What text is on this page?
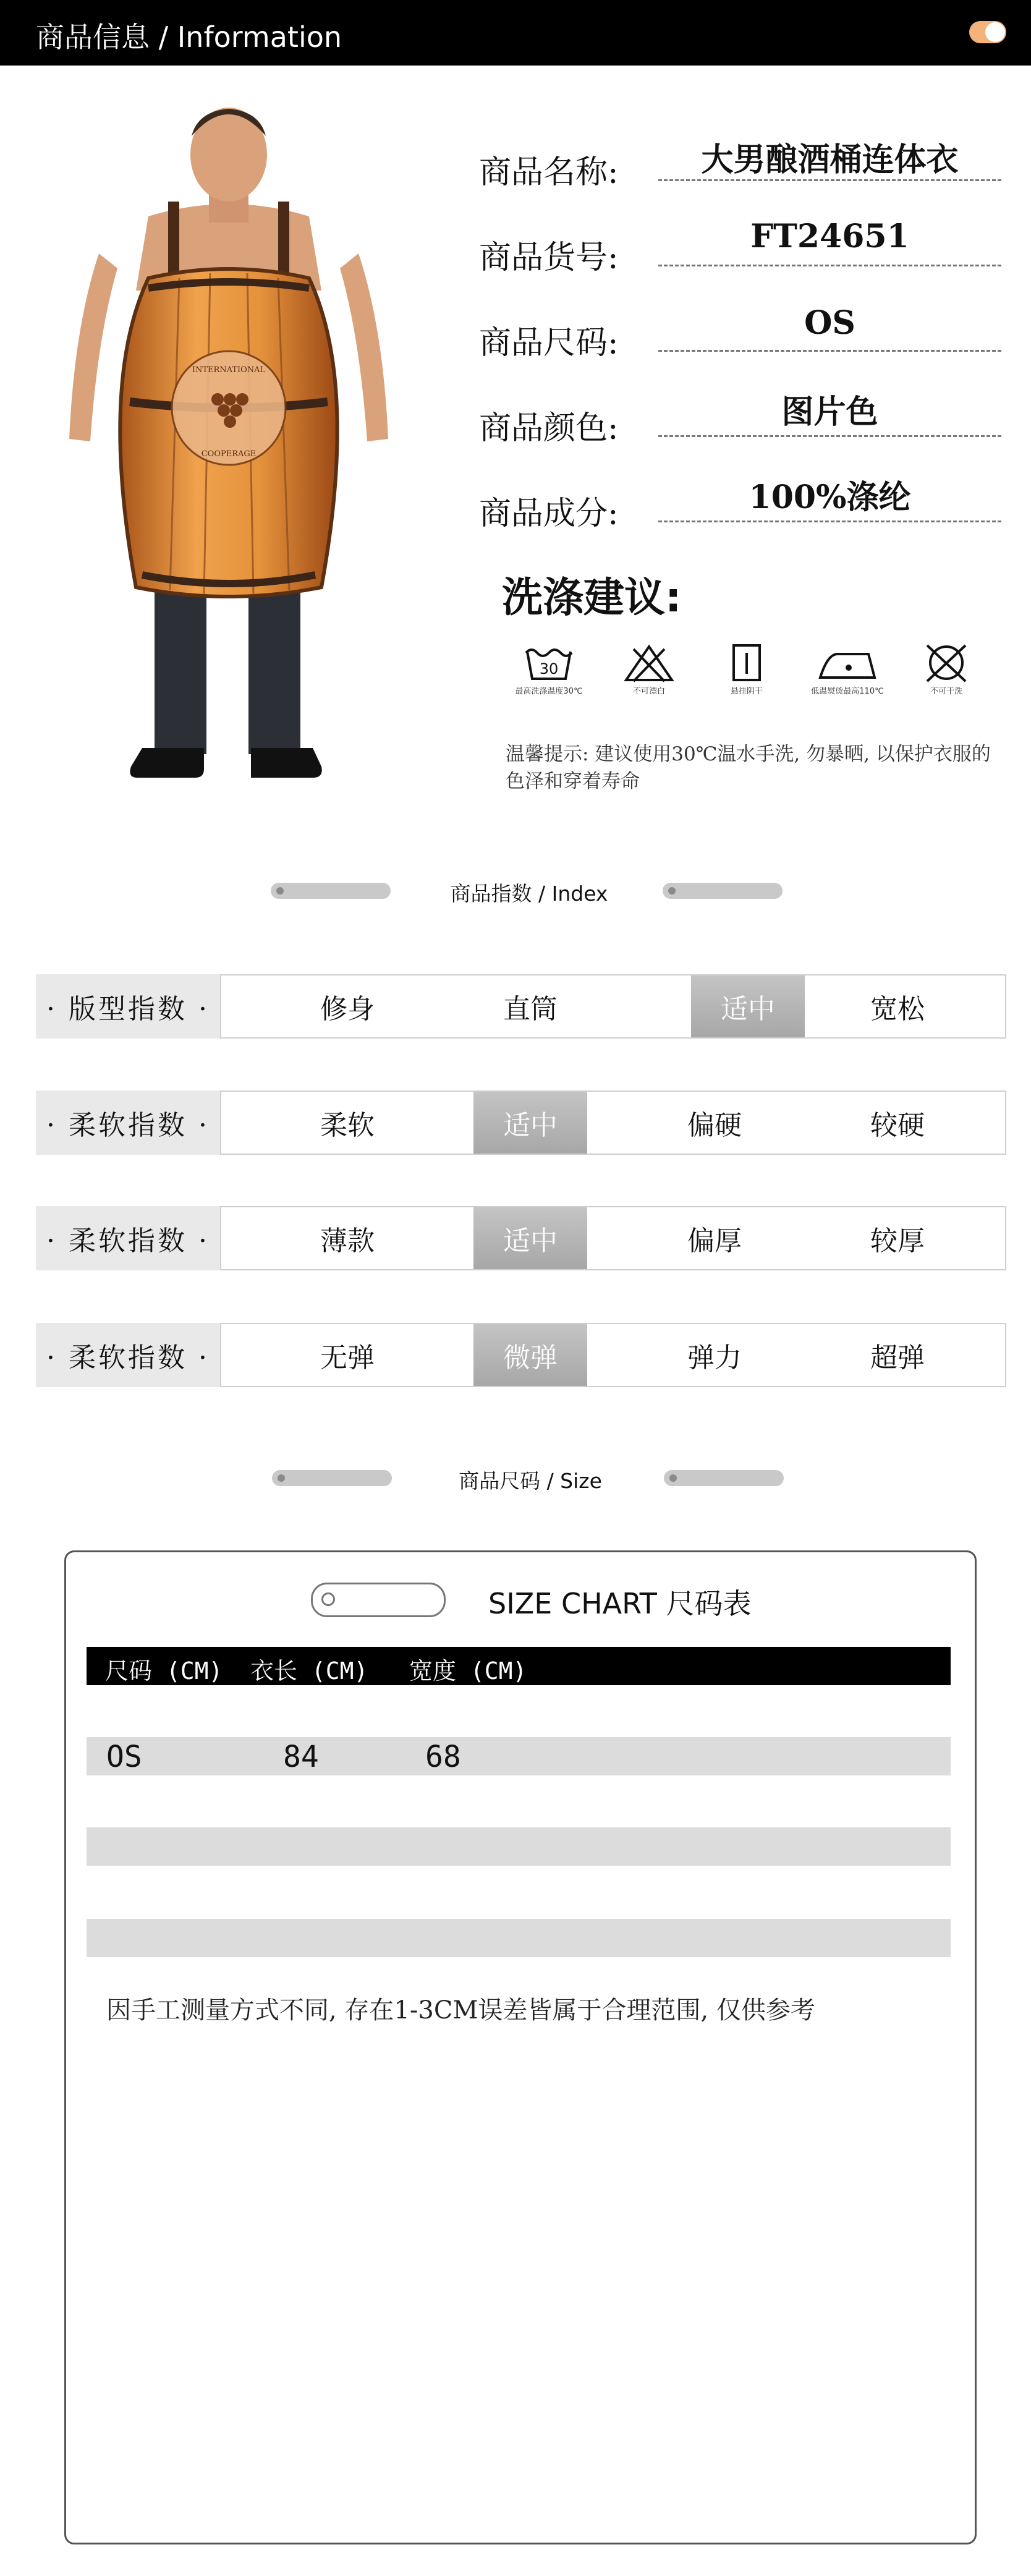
商品信息 / Information
INTERNATIONAL
COOPERAGE
商品名称:	大男酿酒桶连体衣
商品货号:
FT24651
商品尺码:
OS
商品颜色:	图片色
商品成分:	100%涤纶
洗涤建议:
30
最高洗涤温度30℃	不可漂白	悬挂阴干	低温熨烫最高110℃	不可干洗
温馨提示: 建议使用30℃温水手洗, 勿暴晒, 以保护衣服的色泽和穿着寿命
商品指数 / Index
· 版型指数 ·	修身	直筒	适中	宽松
· 柔软指数 ·	柔软	适中	偏硬	较硬
· 柔软指数 ·	薄款	适中	偏厚	较厚
· 柔软指数 ·	无弹	微弹	弹力	超弹
商品尺码 / Size
SIZE CHART 尺码表
尺码 (CM) 衣长 (CM) 宽度 (CM)
OS	84	68
因手工测量方式不同, 存在1-3CM误差皆属于合理范围, 仅供参考
